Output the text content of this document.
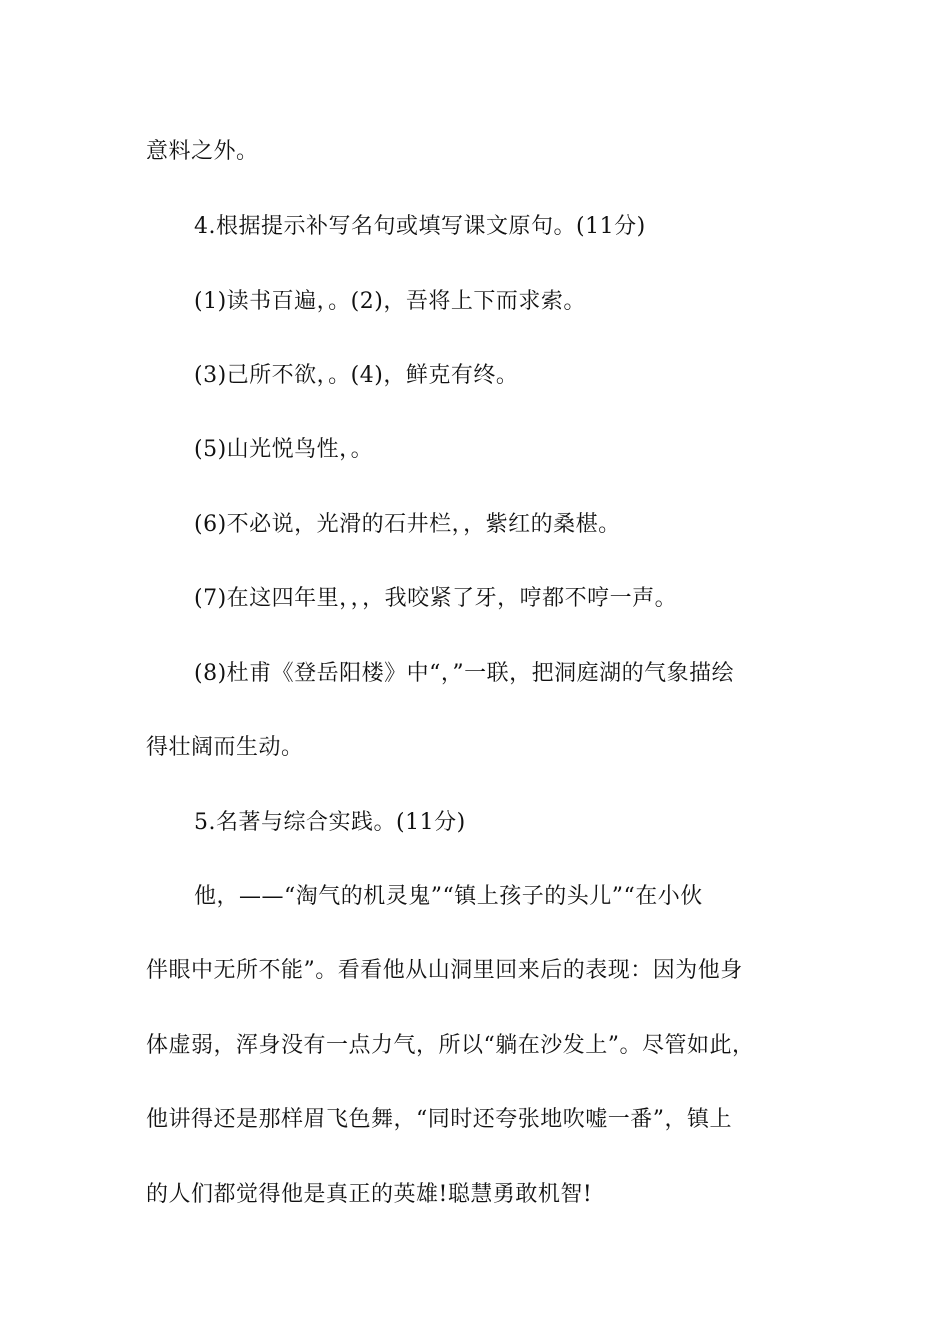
意料之外。
4.根据提示补写名句或填写课文原句。(11分)
(1)读书百遍，。(2)，吾将上下而求索。
(3)己所不欲，。(4)，鲜克有终。
(5)山光悦鸟性，。
(6)不必说，光滑的石井栏，，紫红的桑椹。
(7)在这四年里，，，我咬紧了牙，哼都不哼一声。
(8)杜甫《登岳阳楼》中“，”一联，把洞庭湖的气象描绘
得壮阔而生动。
5.名著与综合实践。(11分)
他，——“淘气的机灵鬼”“镇上孩子的头儿”“在小伙
伴眼中无所不能”。看看他从山洞里回来后的表现：因为他身
体虚弱，浑身没有一点力气，所以“躺在沙发上”。尽管如此，
他讲得还是那样眉飞色舞，“同时还夸张地吹嘘一番”，镇上
的人们都觉得他是真正的英雄!聪慧勇敢机智!
